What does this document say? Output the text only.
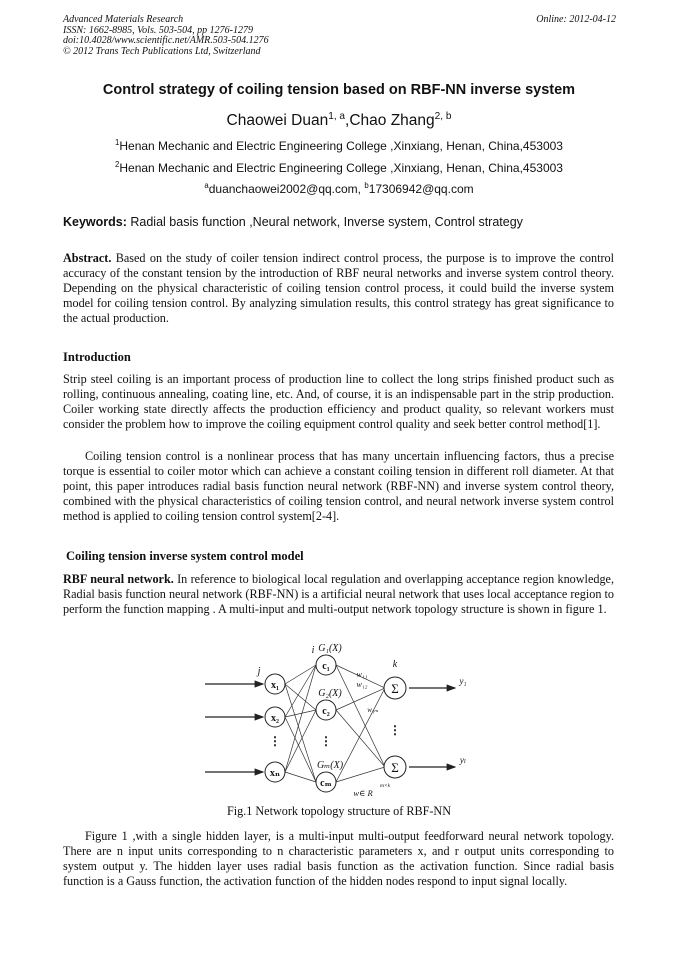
Advanced Materials Research
ISSN: 1662-8985, Vols. 503-504, pp 1276-1279
doi:10.4028/www.scientific.net/AMR.503-504.1276
© 2012 Trans Tech Publications Ltd, Switzerland
Online: 2012-04-12
Control strategy of coiling tension based on RBF-NN inverse system
Chaowei Duan$^{1, a}$,Chao Zhang$^{2, b}$
$^1$Henan Mechanic and Electric Engineering College ,Xinxiang, Henan, China,453003
$^2$Henan Mechanic and Electric Engineering College ,Xinxiang, Henan, China,453003
$^a$duanchaowei2002@qq.com, $^b$17306942@qq.com
Keywords: Radial basis function ,Neural network, Inverse system, Control strategy
Abstract. Based on the study of coiler tension indirect control process, the purpose is to improve the control accuracy of the constant tension by the introduction of RBF neural networks and inverse system control theory. Depending on the physical characteristic of coiling tension control process, it could build the inverse system model for coiling tension control. By analyzing simulation results, this control strategy has great significance to the actual production.
Introduction
Strip steel coiling is an important process of production line to collect the long strips finished product such as rolling, continuous annealing, coating line, etc. And, of course, it is an indispensable part in the strip production. Coiler working state directly affects the production efficiency and product quality, so relevant workers must consider the problem how to improve the coiling equipment control quality and seek better control method[1].
Coiling tension control is a nonlinear process that has many uncertain influencing factors, thus a precise torque is essential to coiler motor which can achieve a constant coiling tension in different roll diameter. At that point, this paper introduces radial basis function neural network (RBF-NN) and inverse system control theory, combined with the physical characteristics of coiling tension control, and neural network inverse system control method is applied to coiling tension control system[2-4].
Coiling tension inverse system control model
RBF neural network. In reference to biological local regulation and overlapping acceptance region knowledge, Radial basis function neural network (RBF-NN) is a artificial neural network that uses local acceptance region to perform the function mapping . A multi-input and multi-output network topology structure is shown in figure 1.
x₁
x₂
xₙ
c₁
c₂
cₘ
Σ
Σ
⋮	⋮
⋮
j
i
k
G₁(X)
G₂(X)
Gₘ(X)
w₁₁
w₁₂
w₁ₘ
w∈ R
m×k
y₁
yₗ
Fig.1 Network topology structure of RBF-NN
Figure 1 ,with a single hidden layer, is a multi-input multi-output feedforward neural network topology. There are n input units corresponding to n characteristic parameters x, and r output units corresponding to system output y. The hidden layer uses radial basis function as the activation function. Since radial basis function is a Gauss function, the activation function of the hidden nodes respond to input signal locally.
